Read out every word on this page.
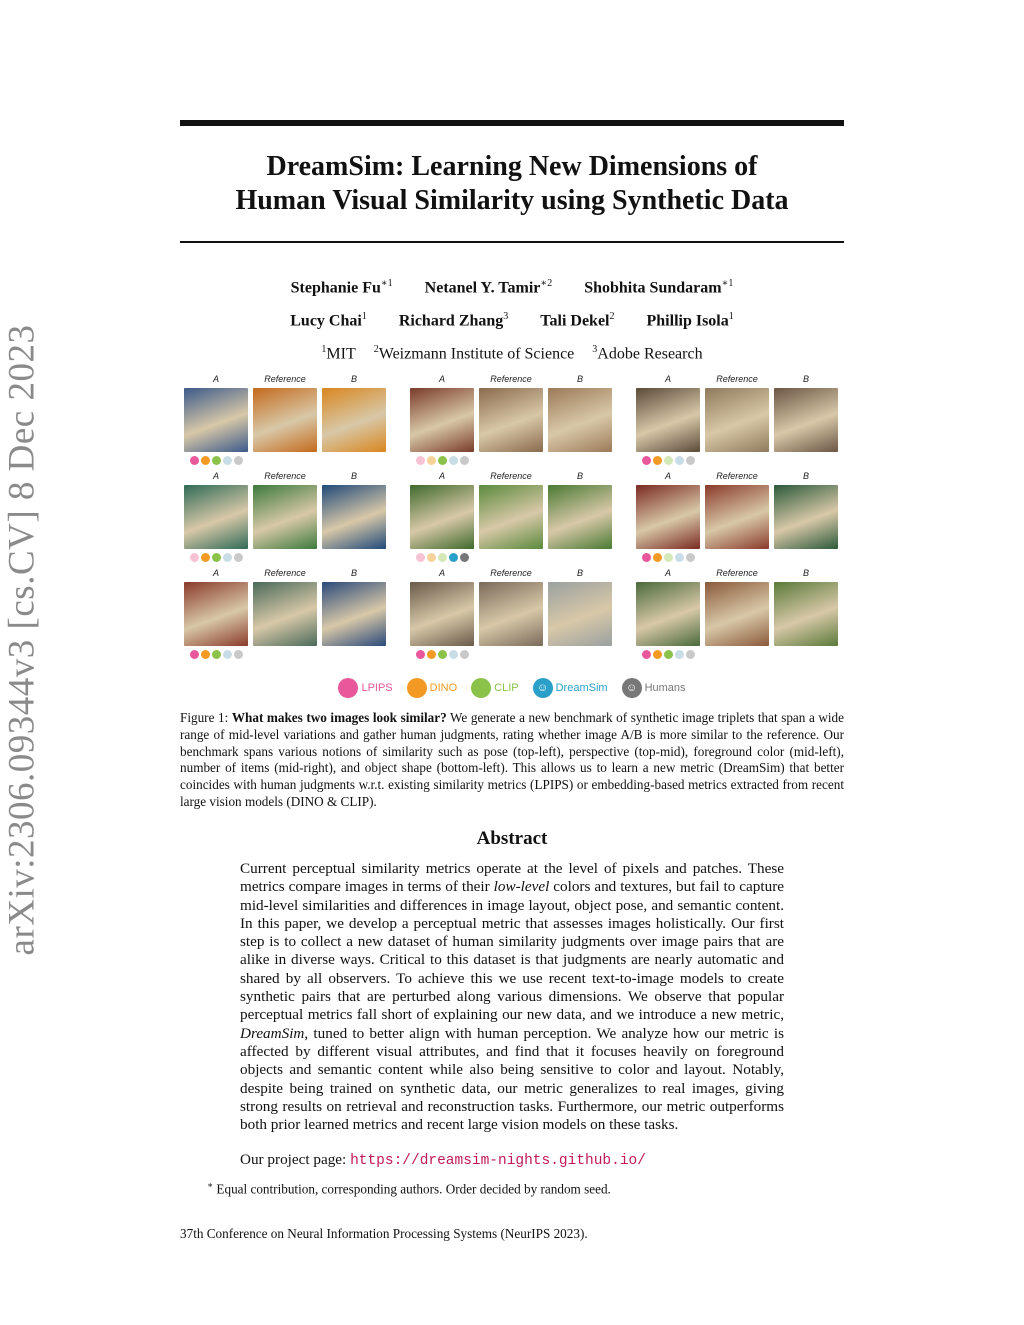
arXiv:2306.09344v3 [cs.CV] 8 Dec 2023
DreamSim: Learning New Dimensions of
Human Visual Similarity using Synthetic Data
Stephanie $Fu^{∗1}$ Netanel Y. Tamir$^{∗2}$ Shobhita Sundaram$^{∗1}$
Lucy Chai$^1$ Richard Zhang$^3$ Tali Dekel$^2$ Phillip Isola$^1$
$^1$MIT $^2$Weizmann Institute of Science $^3$Adobe Research
A	Reference	B	A	Reference	B	A	Reference	B
A	Reference	B	A	Reference	B	A	Reference	B
A	Reference	B	A	Reference	B	A	Reference	B
LPIPS	DINO	CLIP	☺ DreamSim	☺ Humans
Figure 1: What makes two images look similar? We generate a new benchmark of synthetic image triplets that span a wide range of mid-level variations and gather human judgments, rating whether image A/B is more similar to the reference. Our benchmark spans various notions of similarity such as pose (top-left), perspective (top-mid), foreground color (mid-left), number of items (mid-right), and object shape (bottom-left). This allows us to learn a new metric (DreamSim) that better coincides with human judgments w.r.t. existing similarity metrics (LPIPS) or embedding-based metrics extracted from recent large vision models (DINO & CLIP).
Abstract
Current perceptual similarity metrics operate at the level of pixels and patches. These metrics compare images in terms of their low-level colors and textures, but fail to capture mid-level similarities and differences in image layout, object pose, and semantic content. In this paper, we develop a perceptual metric that assesses images holistically. Our first step is to collect a new dataset of human similarity judgments over image pairs that are alike in diverse ways. Critical to this dataset is that judgments are nearly automatic and shared by all observers. To achieve this we use recent text-to-image models to create synthetic pairs that are perturbed along various dimensions. We observe that popular perceptual metrics fall short of explaining our new data, and we introduce a new metric, DreamSim, tuned to better align with human perception. We analyze how our metric is affected by different visual attributes, and find that it focuses heavily on foreground objects and semantic content while also being sensitive to color and layout. Notably, despite being trained on synthetic data, our metric generalizes to real images, giving strong results on retrieval and reconstruction tasks. Furthermore, our metric outperforms both prior learned metrics and recent large vision models on these tasks.
Our project page: https://dreamsim-nights.github.io/
∗ Equal contribution, corresponding authors. Order decided by random seed.
37th Conference on Neural Information Processing Systems (NeurIPS 2023).
